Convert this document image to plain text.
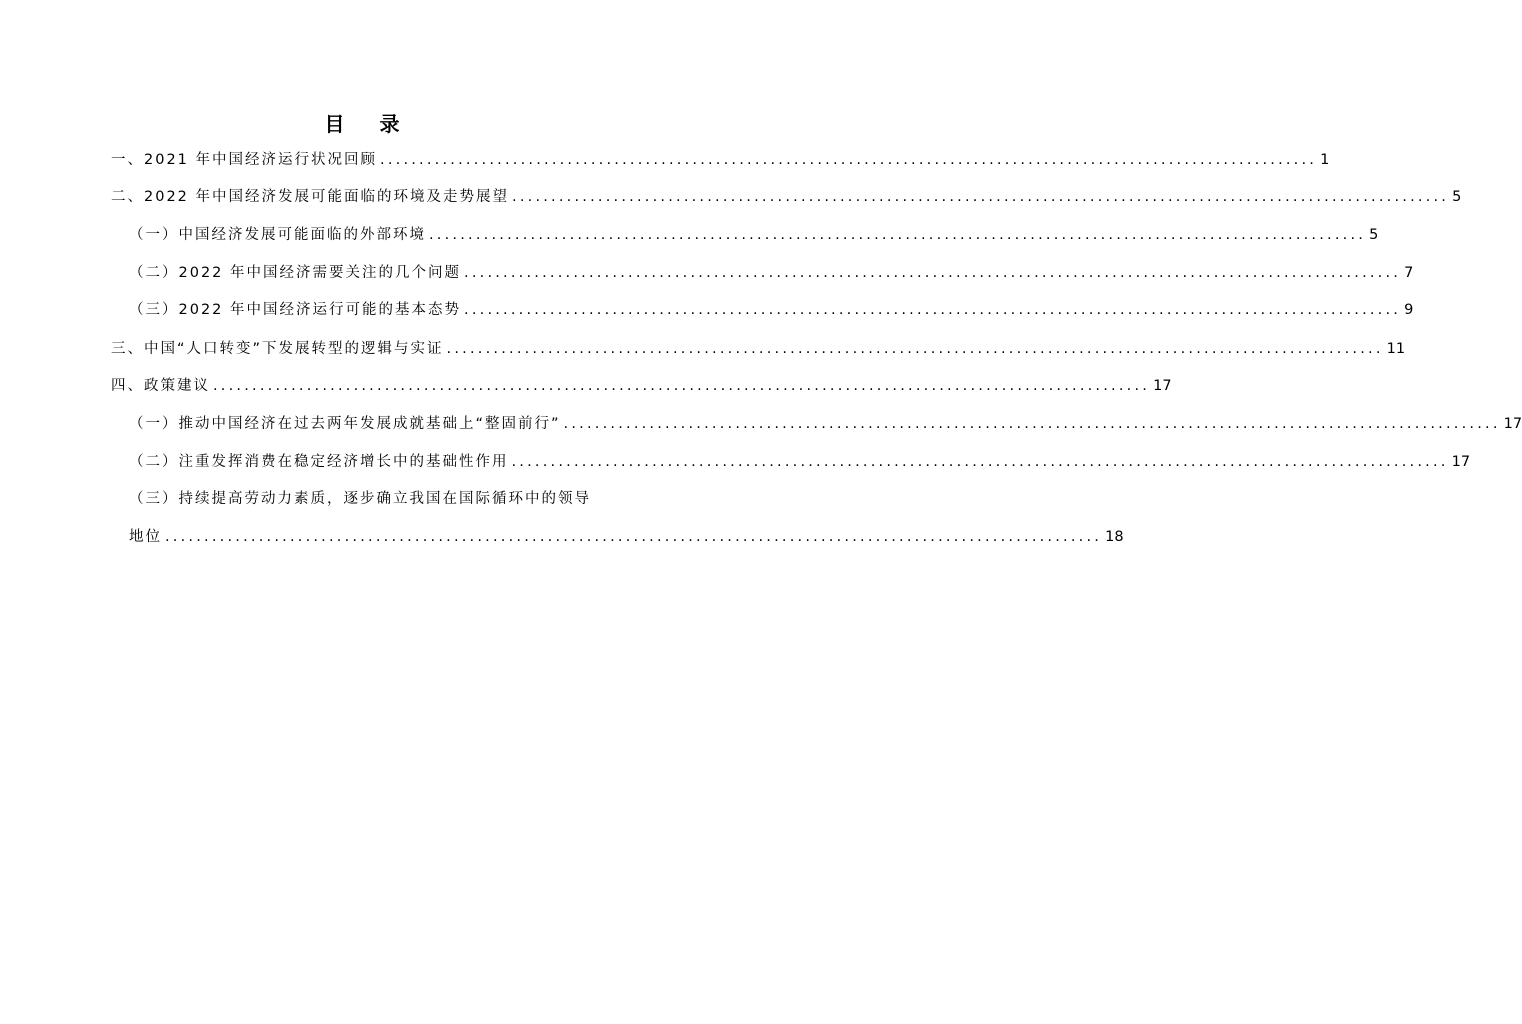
目 录
一、2021 年中国经济运行状况回顾 ........................................................................................................................ 1
二、2022 年中国经济发展可能面临的环境及走势展望 ........................................................................................................................ 5
（一）中国经济发展可能面临的外部环境 ........................................................................................................................ 5
（二）2022 年中国经济需要关注的几个问题 ........................................................................................................................ 7
（三）2022 年中国经济运行可能的基本态势 ........................................................................................................................ 9
三、中国“人口转变”下发展转型的逻辑与实证 ........................................................................................................................ 11
四、政策建议 ........................................................................................................................ 17
（一）推动中国经济在过去两年发展成就基础上“整固前行” ........................................................................................................................ 17
（二）注重发挥消费在稳定经济增长中的基础性作用 ........................................................................................................................ 17
（三）持续提高劳动力素质，逐步确立我国在国际循环中的领导
地位 ........................................................................................................................ 18
